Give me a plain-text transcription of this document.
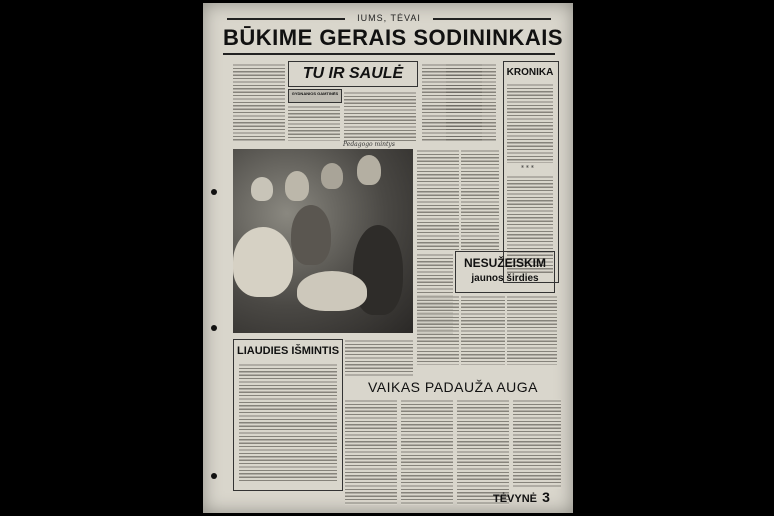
IUMS, TĖVAI
BŪKIME GERAIS SODININKAIS
TU IR SAULĖ
GYDNANIOS GAMTINĖS
KRONIKA
* * *
Pedagogo mintys
NESUŽEISKIM
jaunos širdies
LIAUDIES IŠMINTIS
VAIKAS PADAUŽA AUGA
TĖVYNĖ 3
